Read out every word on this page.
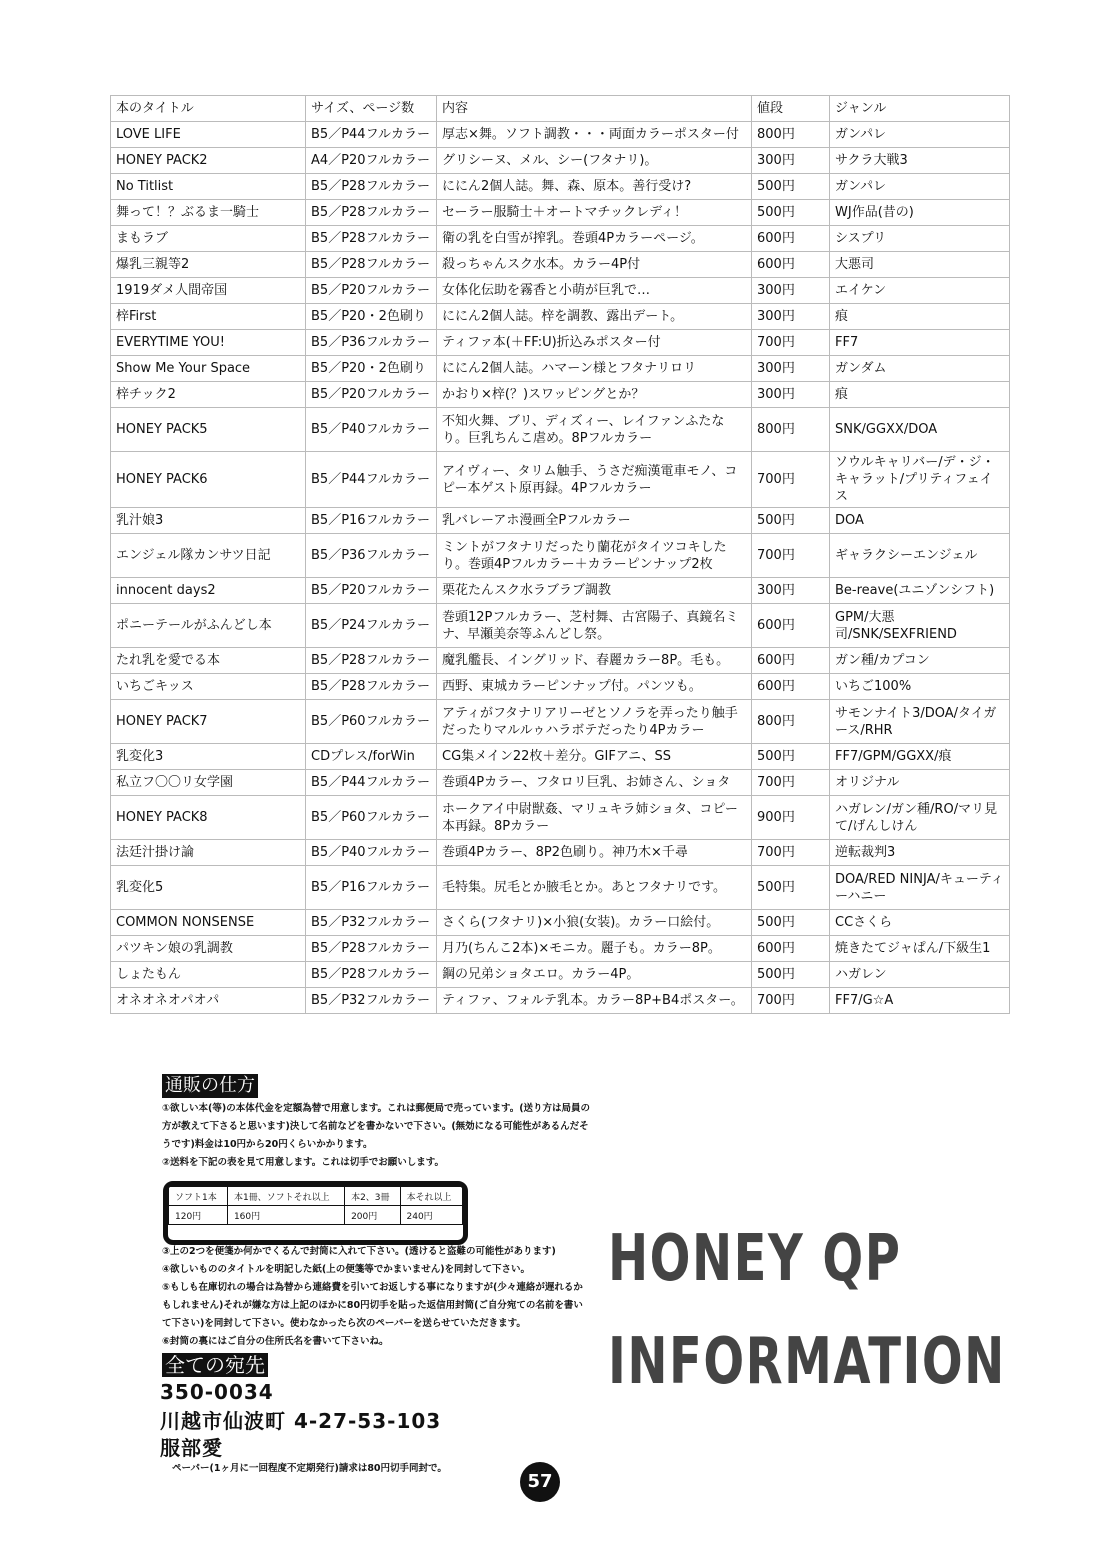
本のタイトル	サイズ、ページ数	内容	値段	ジャンル
LOVE LIFE	B5／P44フルカラー	厚志×舞。ソフト調教・・・両面カラーポスター付	800円	ガンパレ
HONEY PACK2	A4／P20フルカラー	グリシーヌ、メル、シー(フタナリ)。	300円	サクラ大戦3
No Titlist	B5／P28フルカラー	ににん2個人誌。舞、森、原本。善行受け?	500円	ガンパレ
舞って！？ぶるま一騎士	B5／P28フルカラー	セーラー服騎士＋オートマチックレディ！	500円	WJ作品(昔の)
まもラブ	B5／P28フルカラー	衛の乳を白雪が搾乳。巻頭4Pカラーページ。	600円	シスプリ
爆乳三親等2	B5／P28フルカラー	殺っちゃんスク水本。カラー4P付	600円	大悪司
1919ダメ人間帝国	B5／P20フルカラー	女体化伝助を霧香と小萌が巨乳で…	300円	エイケン
梓First	B5／P20・2色刷り	ににん2個人誌。梓を調教、露出デート。	300円	痕
EVERYTIME YOU!	B5／P36フルカラー	ティファ本(＋FF:U)折込みポスター付	700円	FF7
Show Me Your Space	B5／P20・2色刷り	ににん2個人誌。ハマーン様とフタナリロリ	300円	ガンダム
梓チック2	B5／P20フルカラー	かおり×梓(？)スワッピングとか？	300円	痕
HONEY PACK5	B5／P40フルカラー	不知火舞、ブリ、ディズィー、レイファンふたなり。巨乳ちんこ虐め。8Pフルカラー	800円	SNK/GGXX/DOA
HONEY PACK6	B5／P44フルカラー	アイヴィー、タリム触手、うさだ痴漢電車モノ、コピー本ゲスト原再録。4Pフルカラー	700円	ソウルキャリバー/デ・ジ・キャラット/プリティフェイス
乳汁娘3	B5／P16フルカラー	乳バレーアホ漫画全Pフルカラー	500円	DOA
エンジェル隊カンサツ日記	B5／P36フルカラー	ミントがフタナリだったり蘭花がタイツコキしたり。巻頭4Pフルカラー＋カラーピンナップ2枚	700円	ギャラクシーエンジェル
innocent days2	B5／P20フルカラー	栗花たんスク水ラブラブ調教	300円	Be-reave(ユニゾンシフト)
ポニーテールがふんどし本	B5／P24フルカラー	巻頭12Pフルカラー、芝村舞、古宮陽子、真鏡名ミナ、早瀬美奈等ふんどし祭。	600円	GPM/大悪司/SNK/SEXFRIEND
たれ乳を愛でる本	B5／P28フルカラー	魔乳艦長、イングリッド、春麗カラー8P。毛も。	600円	ガン種/カプコン
いちごキッス	B5／P28フルカラー	西野、東城カラーピンナップ付。パンツも。	600円	いちご100%
HONEY PACK7	B5／P60フルカラー	アティがフタナリアリーゼとソノラを弄ったり触手だったりマルルゥハラボテだったり4Pカラー	800円	サモンナイト3/DOA/タイガース/RHR
乳変化3	CDプレス/forWin	CG集メイン22枚＋差分。GIFアニ、SS	500円	FF7/GPM/GGXX/痕
私立フ〇〇リ女学園	B5／P44フルカラー	巻頭4Pカラー、フタロリ巨乳、お姉さん、ショタ	700円	オリジナル
HONEY PACK8	B5／P60フルカラー	ホークアイ中尉獣姦、マリュキラ姉ショタ、コピー本再録。8Pカラー	900円	ハガレン/ガン種/RO/マリ見て/げんしけん
法廷汁掛け論	B5／P40フルカラー	巻頭4Pカラー、8P2色刷り。神乃木×千尋	700円	逆転裁判3
乳変化5	B5／P16フルカラー	毛特集。尻毛とか腋毛とか。あとフタナリです。	500円	DOA/RED NINJA/キューティーハニー
COMMON NONSENSE	B5／P32フルカラー	さくら(フタナリ)×小狼(女装)。カラー口絵付。	500円	CCさくら
パツキン娘の乳調教	B5／P28フルカラー	月乃(ちんこ2本)×モニカ。麗子も。カラー8P。	600円	焼きたてジャぱん/下級生1
しょたもん	B5／P28フルカラー	鋼の兄弟ショタエロ。カラー4P。	500円	ハガレン
オネオネオパオパ	B5／P32フルカラー	ティファ、フォルテ乳本。カラー8P+B4ポスター。	700円	FF7/G☆A
通販の仕方
①欲しい本(等)の本体代金を定額為替で用意します。これは郵便局で売っています。(送り方は局員の方が教えて下さると思います)決して名前などを書かないで下さい。(無効になる可能性があるんだそうです)料金は10円から20円くらいかかります。
②送料を下記の表を見て用意します。これは切手でお願いします。
ソフト1本	本1冊、ソフトそれ以上	本2、3冊	本それ以上
120円	160円	200円	240円
③上の2つを便箋か何かでくるんで封筒に入れて下さい。(透けると盗難の可能性があります)
④欲しいもののタイトルを明記した紙(上の便箋等でかまいません)を同封して下さい。
⑤もしも在庫切れの場合は為替から連絡費を引いてお返しする事になりますが(少々連絡が遅れるかもしれません)それが嫌な方は上記のほかに80円切手を貼った返信用封筒(ご自分宛ての名前を書いて下さい)を同封して下さい。使わなかったら次のペーパーを送らせていただきます。
⑥封筒の裏にはご自分の住所氏名を書いて下さいね。
全ての宛先
350-0034
川越市仙波町 4-27-53-103
服部愛
ペーパー(1ヶ月に一回程度不定期発行)請求は80円切手同封で。
HONEY QP
INFORMATION
57
